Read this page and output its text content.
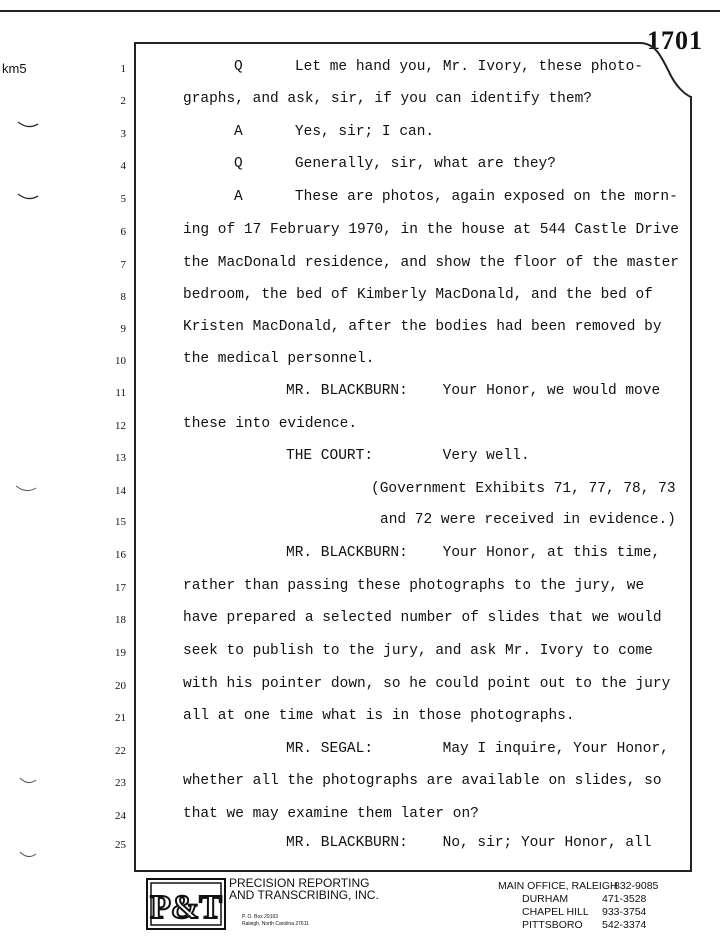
1701
km5

	1

	Q      Let me hand you, Mr. Ivory, these photo-

2

	graphs, and ask, sir, if you can identify them?

3

	A      Yes, sir; I can.

4

	Q      Generally, sir, what are they?

5

	A      These are photos, again exposed on the morn-

6

	ing of 17 February 1970, in the house at 544 Castle Drive

7

	the MacDonald residence, and show the floor of the master

8

	bedroom, the bed of Kimberly MacDonald, and the bed of

9

	Kristen MacDonald, after the bodies had been removed by

10

	the medical personnel.

11

	MR. BLACKBURN:    Your Honor, we would move

12

	these into evidence.

13

	THE COURT:        Very well.

14

	(Government Exhibits 71, 77, 78, 73

15

	and 72 were received in evidence.)

16

	MR. BLACKBURN:    Your Honor, at this time,

17

	rather than passing these photographs to the jury, we

18

	have prepared a selected number of slides that we would

19

	seek to publish to the jury, and ask Mr. Ivory to come

20

	with his pointer down, so he could point out to the jury

21

	all at one time what is in those photographs.

22

	MR. SEGAL:        May I inquire, Your Honor,

23

	whether all the photographs are available on slides, so

24

	that we may examine them later on?

25

	MR. BLACKBURN:    No, sir; Your Honor, all

P&T
PRECISION REPORTING
AND TRANSCRIBING, INC.
P. O. Box 29163
Raleigh, North Carolina 27611
MAIN OFFICE, RALEIGH
832-9085
DURHAM	471-3528
CHAPEL HILL 933-3754
PITTSBORO 542-3374
